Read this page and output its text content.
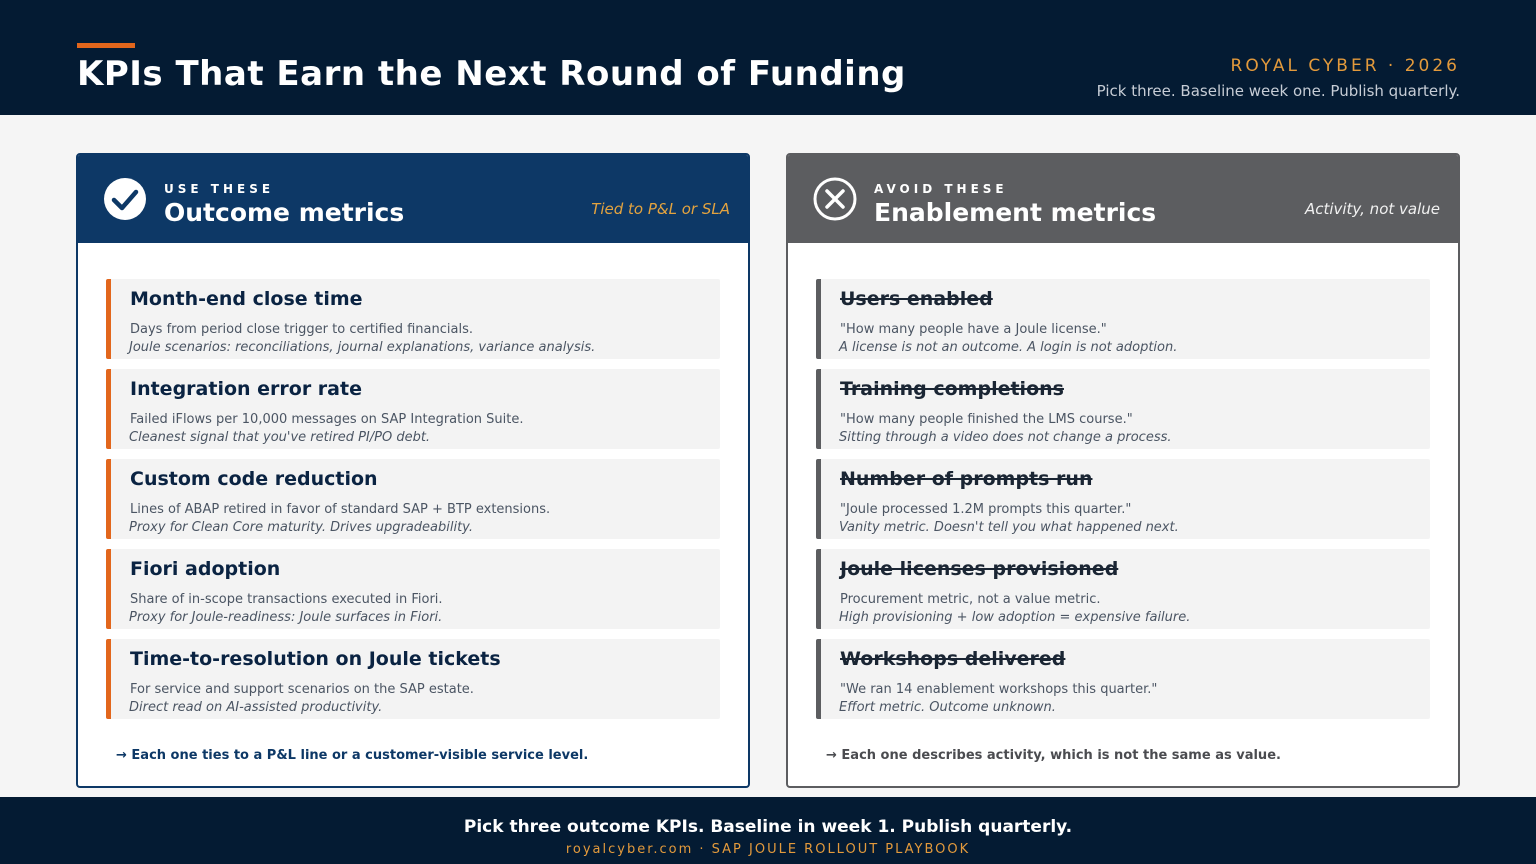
KPIs That Earn the Next Round of Funding	ROYAL CYBER · 2026
Pick three. Baseline week one. Publish quarterly.
USE THESE
Outcome metrics	Tied to P&L or SLA
Month-end close time
Days from period close trigger to certified financials.
Joule scenarios: reconciliations, journal explanations, variance analysis.
Integration error rate
Failed iFlows per 10,000 messages on SAP Integration Suite.
Cleanest signal that you've retired PI/PO debt.
Custom code reduction
Lines of ABAP retired in favor of standard SAP + BTP extensions.
Proxy for Clean Core maturity. Drives upgradeability.
Fiori adoption
Share of in-scope transactions executed in Fiori.
Proxy for Joule-readiness: Joule surfaces in Fiori.
Time-to-resolution on Joule tickets
For service and support scenarios on the SAP estate.
Direct read on AI-assisted productivity.
→ Each one ties to a P&L line or a customer-visible service level.
AVOID THESE
Enablement metrics	Activity, not value
Users enabled
"How many people have a Joule license."
A license is not an outcome. A login is not adoption.
Training completions
"How many people finished the LMS course."
Sitting through a video does not change a process.
Number of prompts run
"Joule processed 1.2M prompts this quarter."
Vanity metric. Doesn't tell you what happened next.
Joule licenses provisioned
Procurement metric, not a value metric.
High provisioning + low adoption = expensive failure.
Workshops delivered
"We ran 14 enablement workshops this quarter."
Effort metric. Outcome unknown.
→ Each one describes activity, which is not the same as value.
Pick three outcome KPIs. Baseline in week 1. Publish quarterly.
royalcyber.com · SAP JOULE ROLLOUT PLAYBOOK
